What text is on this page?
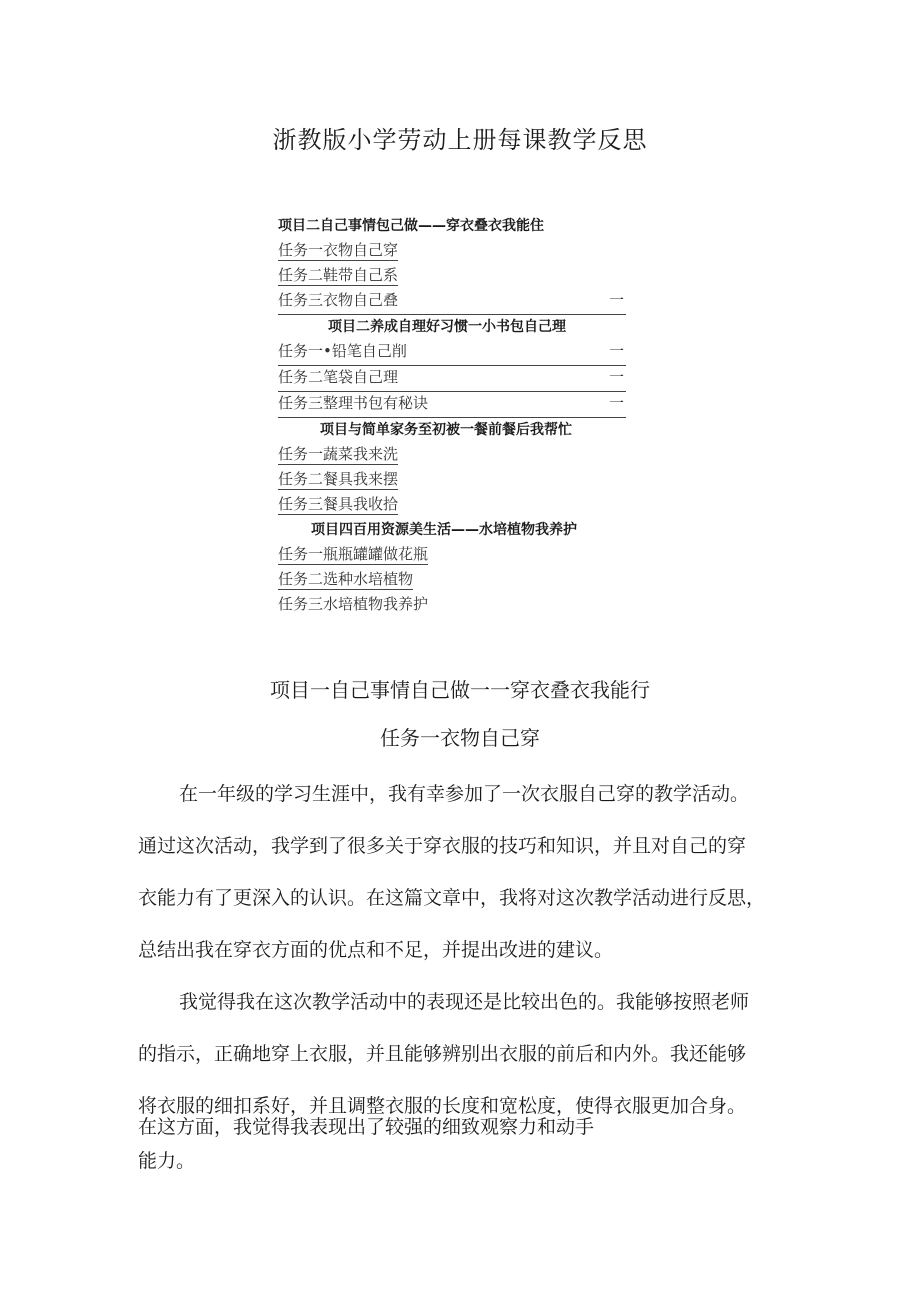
浙教版小学劳动上册每课教学反思
项目二自己事情包己做——穿衣叠衣我能住
任务一衣物自己穿
任务二鞋带自己系
任务三衣物自己叠	一
项目二养成自理好习惯一小书包自己理
任务一•铅笔自己削	一
任务二笔袋自己理	一
任务三整理书包有秘诀	一
项目与简单家务至初被一餐前餐后我帮忙
任务一蔬菜我来洗
任务二餐具我来摆
任务三餐具我收拾
项目四百用资源美生活——水培植物我养护
任务一瓶瓶罐罐做花瓶
任务二选种水培植物
任务三水培植物我养护
项目一自己事情自己做一一穿衣叠衣我能行
任务一衣物自己穿
在一年级的学习生涯中，我有幸参加了一次衣服自己穿的教学活动。
通过这次活动，我学到了很多关于穿衣服的技巧和知识，并且对自己的穿
衣能力有了更深入的认识。在这篇文章中，我将对这次教学活动进行反思，
总结出我在穿衣方面的优点和不足，并提出改进的建议。
我觉得我在这次教学活动中的表现还是比较出色的。我能够按照老师
的指示，正确地穿上衣服，并且能够辨别出衣服的前后和内外。我还能够
将衣服的细扣系好，并且调整衣服的长度和宽松度，使得衣服更加合身。
在这方面，我觉得我表现出了较强的细致观察力和动手
能力。
